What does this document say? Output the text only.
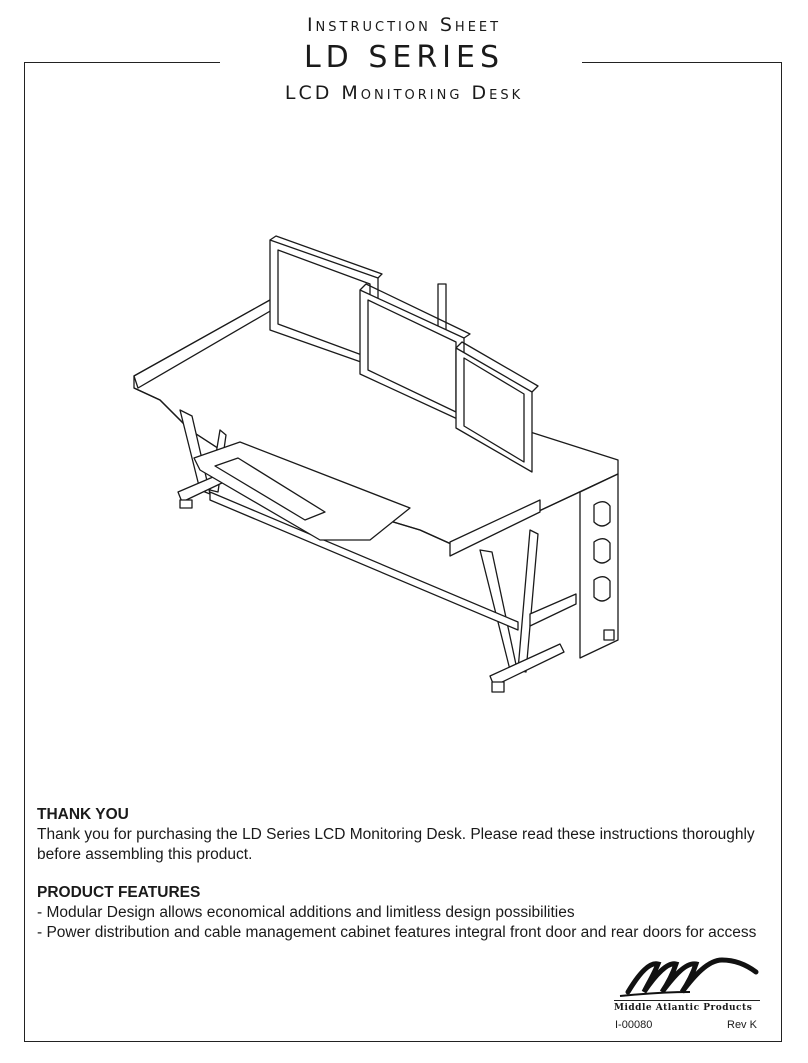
Instruction Sheet
LD SERIES
LCD Monitoring Desk
THANK YOU

Thank you for purchasing the LD Series LCD Monitoring Desk. Please read these instructions thoroughly before assembling this product.

PRODUCT FEATURES
- Modular Design allows economical additions and limitless design possibilities
- Power distribution and cable management cabinet features integral front door and rear doors for access
Middle Atlantic Products
I-00080	Rev K
